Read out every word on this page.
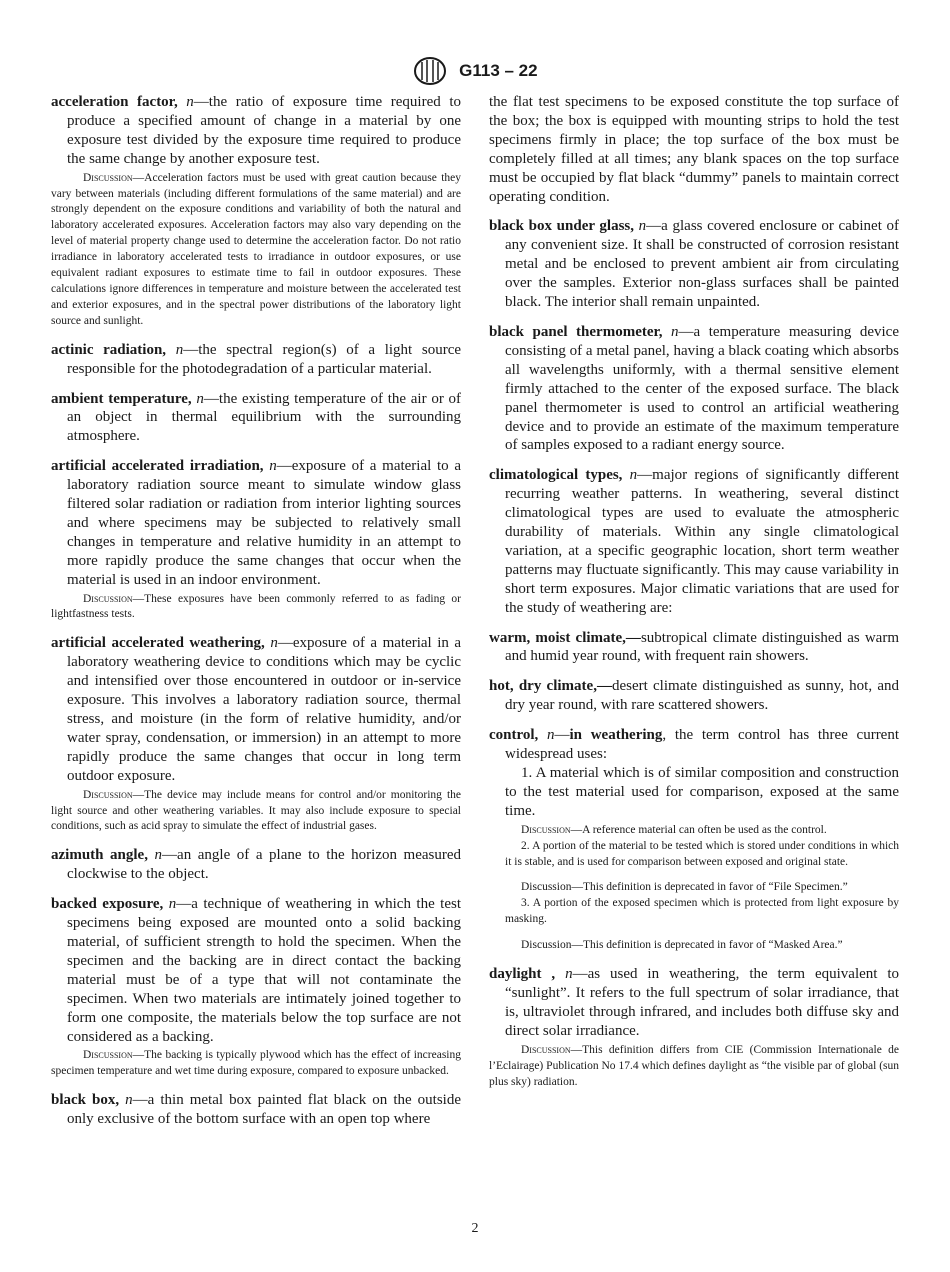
G113 – 22

acceleration factor, n—the ratio of exposure time required to produce a specified amount of change in a material by one exposure test divided by the exposure time required to produce the same change by another exposure test.

Discussion—Acceleration factors must be used with great caution because they vary between materials (including different formulations of the same material) and are strongly dependent on the exposure conditions and variability of both the natural and laboratory accelerated exposures. Acceleration factors may also vary depending on the level of material property change used to determine the acceleration factor. Do not ratio irradiance in laboratory accelerated tests to irradiance in outdoor exposures, or use equivalent radiant exposures to estimate time to fail in outdoor exposures. These calculations ignore differences in temperature and moisture between the accelerated test and exterior exposures, and in the spectral power distributions of the laboratory light source and sunlight.

actinic radiation, n—the spectral region(s) of a light source responsible for the photodegradation of a particular material.

ambient temperature, n—the existing temperature of the air or of an object in thermal equilibrium with the surrounding atmosphere.

artificial accelerated irradiation, n—exposure of a material to a laboratory radiation source meant to simulate window glass filtered solar radiation or radiation from interior lighting sources and where specimens may be subjected to relatively small changes in temperature and relative humidity in an attempt to more rapidly produce the same changes that occur when the material is used in an indoor environment.

Discussion—These exposures have been commonly referred to as fading or lightfastness tests.

artificial accelerated weathering, n—exposure of a material in a laboratory weathering device to conditions which may be cyclic and intensified over those encountered in outdoor or in-service exposure. This involves a laboratory radiation source, thermal stress, and moisture (in the form of relative humidity, and/or water spray, condensation, or immersion) in an attempt to more rapidly produce the same changes that occur in long term outdoor exposure.

Discussion—The device may include means for control and/or monitoring the light source and other weathering variables. It may also include exposure to special conditions, such as acid spray to simulate the effect of industrial gases.

azimuth angle, n—an angle of a plane to the horizon measured clockwise to the object.

backed exposure, n—a technique of weathering in which the test specimens being exposed are mounted onto a solid backing material, of sufficient strength to hold the specimen. When the specimen and the backing are in direct contact the backing material must be of a type that will not contaminate the specimen. When two materials are intimately joined together to form one composite, the materials below the top surface are not considered as a backing.

Discussion—The backing is typically plywood which has the effect of increasing specimen temperature and wet time during exposure, compared to exposure unbacked.

black box, n—a thin metal box painted flat black on the outside only exclusive of the bottom surface with an open top where

the flat test specimens to be exposed constitute the top surface of the box; the box is equipped with mounting strips to hold the test specimens firmly in place; the top surface of the box must be completely filled at all times; any blank spaces on the top surface must be occupied by flat black “dummy” panels to maintain correct operating condition.

black box under glass, n—a glass covered enclosure or cabinet of any convenient size. It shall be constructed of corrosion resistant metal and be enclosed to prevent ambient air from circulating over the samples. Exterior non-glass surfaces shall be painted black. The interior shall remain unpainted.

black panel thermometer, n—a temperature measuring device consisting of a metal panel, having a black coating which absorbs all wavelengths uniformly, with a thermal sensitive element firmly attached to the center of the exposed surface. The black panel thermometer is used to control an artificial weathering device and to provide an estimate of the maximum temperature of samples exposed to a radiant energy source.

climatological types, n—major regions of significantly different recurring weather patterns. In weathering, several distinct climatological types are used to evaluate the atmospheric durability of materials. Within any single climatological variation, at a specific geographic location, short term weather patterns may fluctuate significantly. This may cause variability in short term exposures. Major climatic variations that are used for the study of weathering are:

warm, moist climate,—subtropical climate distinguished as warm and humid year round, with frequent rain showers.

hot, dry climate,—desert climate distinguished as sunny, hot, and dry year round, with rare scattered showers.

control, n—in weathering, the term control has three current widespread uses:

1. A material which is of similar composition and construction to the test material used for comparison, exposed at the same time.

Discussion—A reference material can often be used as the control.

2. A portion of the material to be tested which is stored under conditions in which it is stable, and is used for comparison between exposed and original state.

Discussion—This definition is deprecated in favor of “File Specimen.”

3. A portion of the exposed specimen which is protected from light exposure by masking.

Discussion—This definition is deprecated in favor of “Masked Area.”

daylight , n—as used in weathering, the term equivalent to “sunlight”. It refers to the full spectrum of solar irradiance, that is, ultraviolet through infrared, and includes both diffuse sky and direct solar irradiance.

Discussion—This definition differs from CIE (Commission Internationale de l’Eclairage) Publication No 17.4 which defines daylight as “the visible par of global (sun plus sky) radiation.

2
